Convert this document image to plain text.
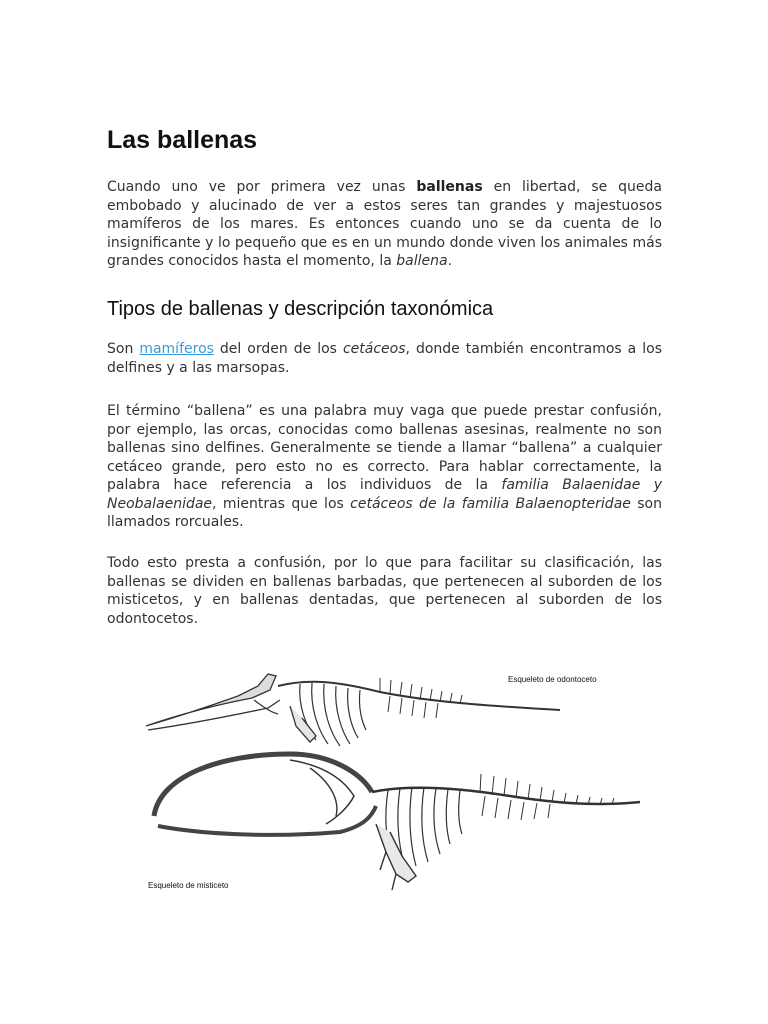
Las ballenas

Cuando uno ve por primera vez unas ballenas en libertad, se queda embobado y alucinado de ver a estos seres tan grandes y majestuosos mamíferos de los mares. Es entonces cuando uno se da cuenta de lo insignificante y lo pequeño que es en un mundo donde viven los animales más grandes conocidos hasta el momento, la ballena.

Tipos de ballenas y descripción taxonómica

Son mamíferos del orden de los cetáceos, donde también encontramos a los delfines y a las marsopas.

El término “ballena” es una palabra muy vaga que puede prestar confusión, por ejemplo, las orcas, conocidas como ballenas asesinas, realmente no son ballenas sino delfines. Generalmente se tiende a llamar “ballena” a cualquier cetáceo grande, pero esto no es correcto. Para hablar correctamente, la palabra hace referencia a los individuos de la familia Balaenidae y Neobalaenidae, mientras que los cetáceos de la familia Balaenopteridae son llamados rorcuales.

Todo esto presta a confusión, por lo que para facilitar su clasificación, las ballenas se dividen en ballenas barbadas, que pertenecen al suborden de los misticetos, y en ballenas dentadas, que pertenecen al suborden de los odontocetos.

Esqueleto de odontoceto
Esqueleto de misticeto
